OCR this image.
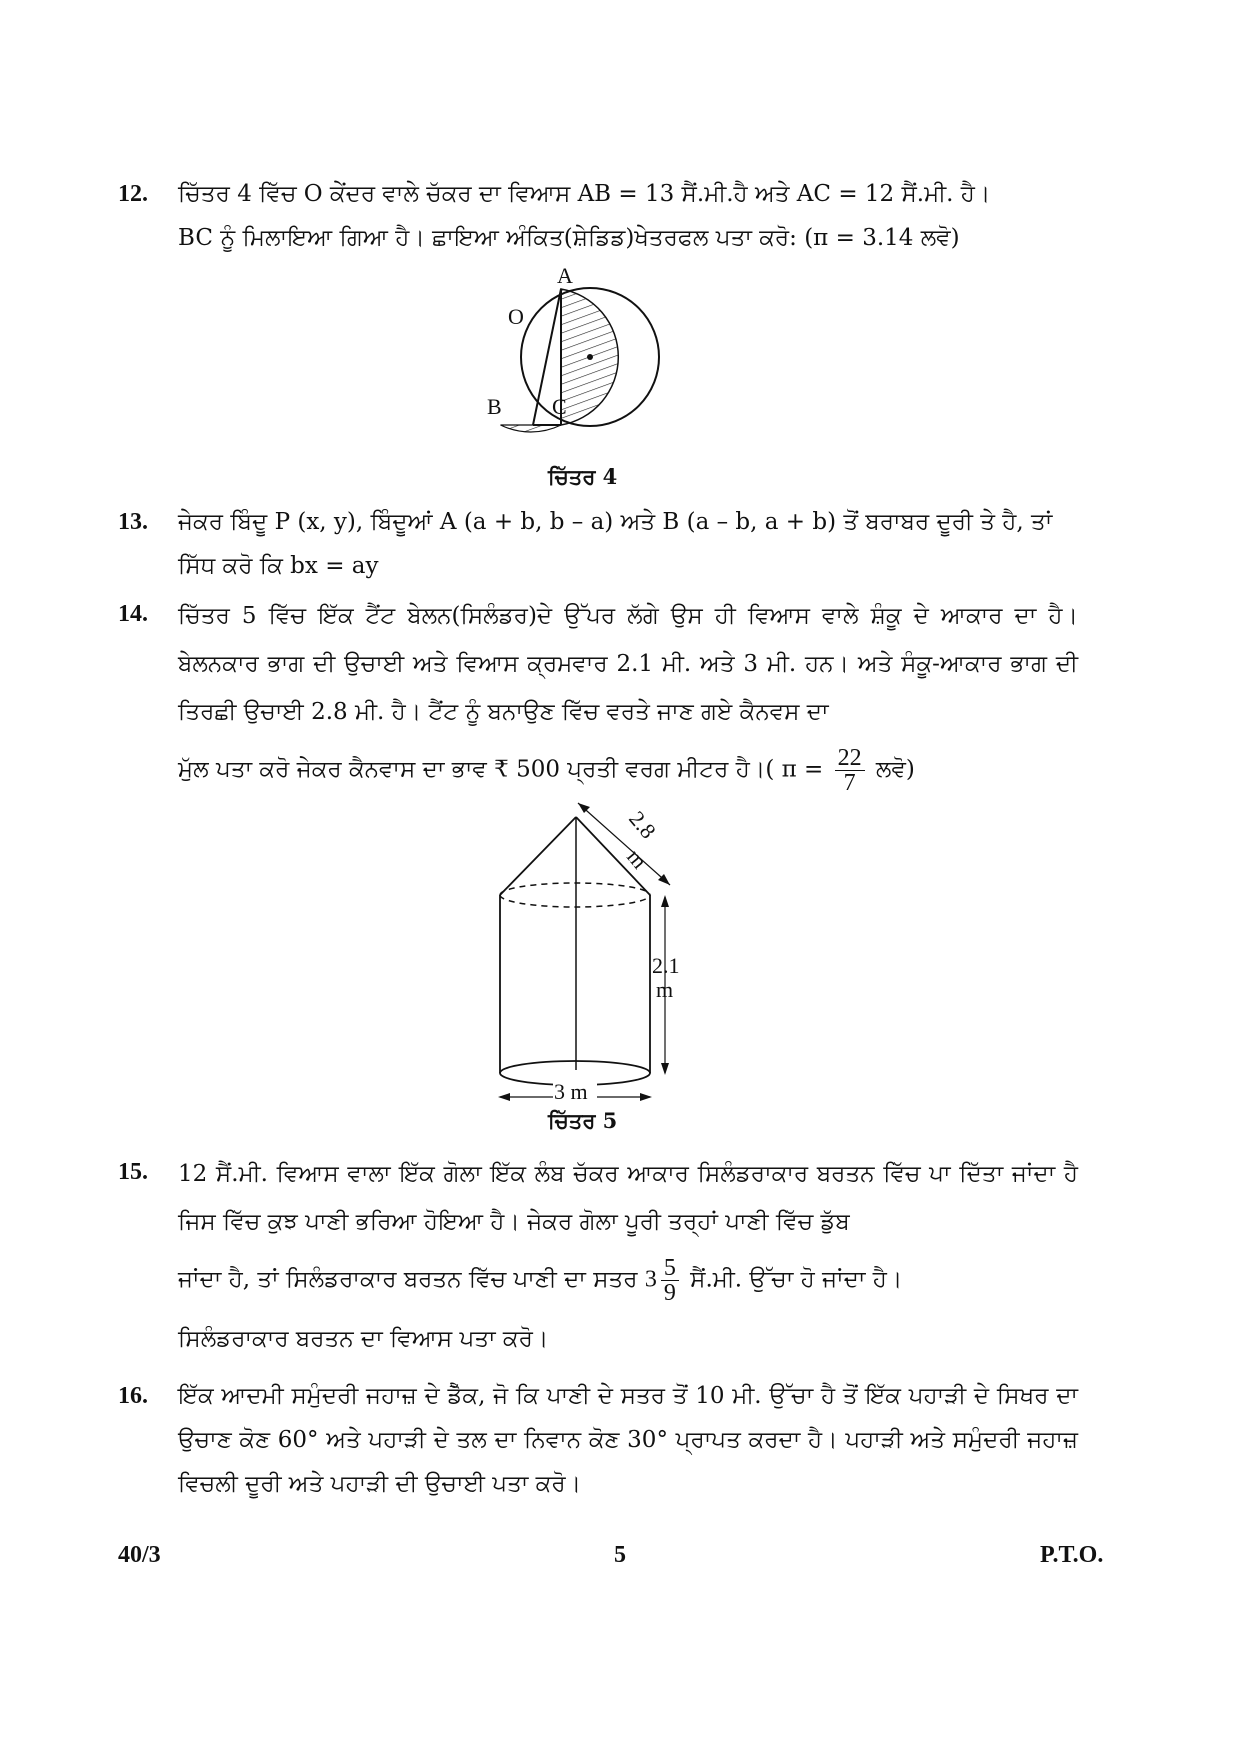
12. ਚਿੱਤਰ 4 ਵਿੱਚ O ਕੇਂਦਰ ਵਾਲੇ ਚੱਕਰ ਦਾ ਵਿਆਸ AB = 13 ਸੈਂ.ਮੀ.ਹੈ ਅਤੇ AC = 12 ਸੈਂ.ਮੀ. ਹੈ।
BC ਨੂੰ ਮਿਲਾਇਆ ਗਿਆ ਹੈ। ਛਾਇਆ ਅੰਕਿਤ(ਸ਼ੇਡਿਡ)ਖੇਤਰਫਲ ਪਤਾ ਕਰੋ: (π = 3.14 ਲਵੋ)
A
O
B C
ਚਿੱਤਰ 4
13. ਜੇਕਰ ਬਿੰਦੂ P (x, y), ਬਿੰਦੂਆਂ A (a + b, b – a) ਅਤੇ B (a – b, a + b) ਤੋਂ ਬਰਾਬਰ ਦੂਰੀ ਤੇ ਹੈ, ਤਾਂ
ਸਿੱਧ ਕਰੋ ਕਿ bx = ay
14. ਚਿੱਤਰ 5 ਵਿੱਚ ਇੱਕ ਟੈਂਟ ਬੇਲਨ(ਸਿਲੰਡਰ)ਦੇ ਉੱਪਰ ਲੱਗੇ ਉਸ ਹੀ ਵਿਆਸ ਵਾਲੇ ਸ਼ੰਕੂ ਦੇ ਆਕਾਰ ਦਾ ਹੈ। ਬੇਲਨਕਾਰ ਭਾਗ ਦੀ ਉਚਾਈ ਅਤੇ ਵਿਆਸ ਕ੍ਰਮਵਾਰ 2.1 ਮੀ. ਅਤੇ 3 ਮੀ. ਹਨ। ਅਤੇ ਸੰਕੂ-ਆਕਾਰ ਭਾਗ ਦੀ ਤਿਰਛੀ ਉਚਾਈ 2.8 ਮੀ. ਹੈ। ਟੈਂਟ ਨੂੰ ਬਨਾਉਣ ਵਿੱਚ ਵਰਤੇ ਜਾਣ ਗਏ ਕੈਨਵਸ ਦਾ
ਮੁੱਲ ਪਤਾ ਕਰੋ ਜੇਕਰ ਕੈਨਵਾਸ ਦਾ ਭਾਵ ₹ 500 ਪ੍ਰਤੀ ਵਰਗ ਮੀਟਰ ਹੈ।( $\pi = \frac{22}{7}$ ਲਵੋ)
2.8
m
2.1
m
3 m
ਚਿੱਤਰ 5
15. 12 ਸੈਂ.ਮੀ. ਵਿਆਸ ਵਾਲਾ ਇੱਕ ਗੋਲਾ ਇੱਕ ਲੰਬ ਚੱਕਰ ਆਕਾਰ ਸਿਲੰਡਰਾਕਾਰ ਬਰਤਨ ਵਿੱਚ ਪਾ ਦਿੱਤਾ ਜਾਂਦਾ ਹੈ ਜਿਸ ਵਿੱਚ ਕੁਝ ਪਾਣੀ ਭਰਿਆ ਹੋਇਆ ਹੈ। ਜੇਕਰ ਗੋਲਾ ਪੂਰੀ ਤਰ੍ਹਾਂ ਪਾਣੀ ਵਿੱਚ ਡੁੱਬ
ਜਾਂਦਾ ਹੈ, ਤਾਂ ਸਿਲੰਡਰਾਕਾਰ ਬਰਤਨ ਵਿੱਚ ਪਾਣੀ ਦਾ ਸਤਰ $3 \frac{5}{9}$ ਸੈਂ.ਮੀ. ਉੱਚਾ ਹੋ ਜਾਂਦਾ ਹੈ।
ਸਿਲੰਡਰਾਕਾਰ ਬਰਤਨ ਦਾ ਵਿਆਸ ਪਤਾ ਕਰੋ।
16. ਇੱਕ ਆਦਮੀ ਸਮੁੰਦਰੀ ਜਹਾਜ਼ ਦੇ ਡੈੱਕ, ਜੋ ਕਿ ਪਾਣੀ ਦੇ ਸਤਰ ਤੋਂ 10 ਮੀ. ਉੱਚਾ ਹੈ ਤੋਂ ਇੱਕ ਪਹਾੜੀ ਦੇ ਸਿਖਰ ਦਾ ਉਚਾਣ ਕੋਣ 60° ਅਤੇ ਪਹਾੜੀ ਦੇ ਤਲ ਦਾ ਨਿਵਾਨ ਕੋਣ 30° ਪ੍ਰਾਪਤ ਕਰਦਾ ਹੈ। ਪਹਾੜੀ ਅਤੇ ਸਮੁੰਦਰੀ ਜਹਾਜ਼ ਵਿਚਲੀ ਦੂਰੀ ਅਤੇ ਪਹਾੜੀ ਦੀ ਉਚਾਈ ਪਤਾ ਕਰੋ।
40/3	5	P.T.O.
